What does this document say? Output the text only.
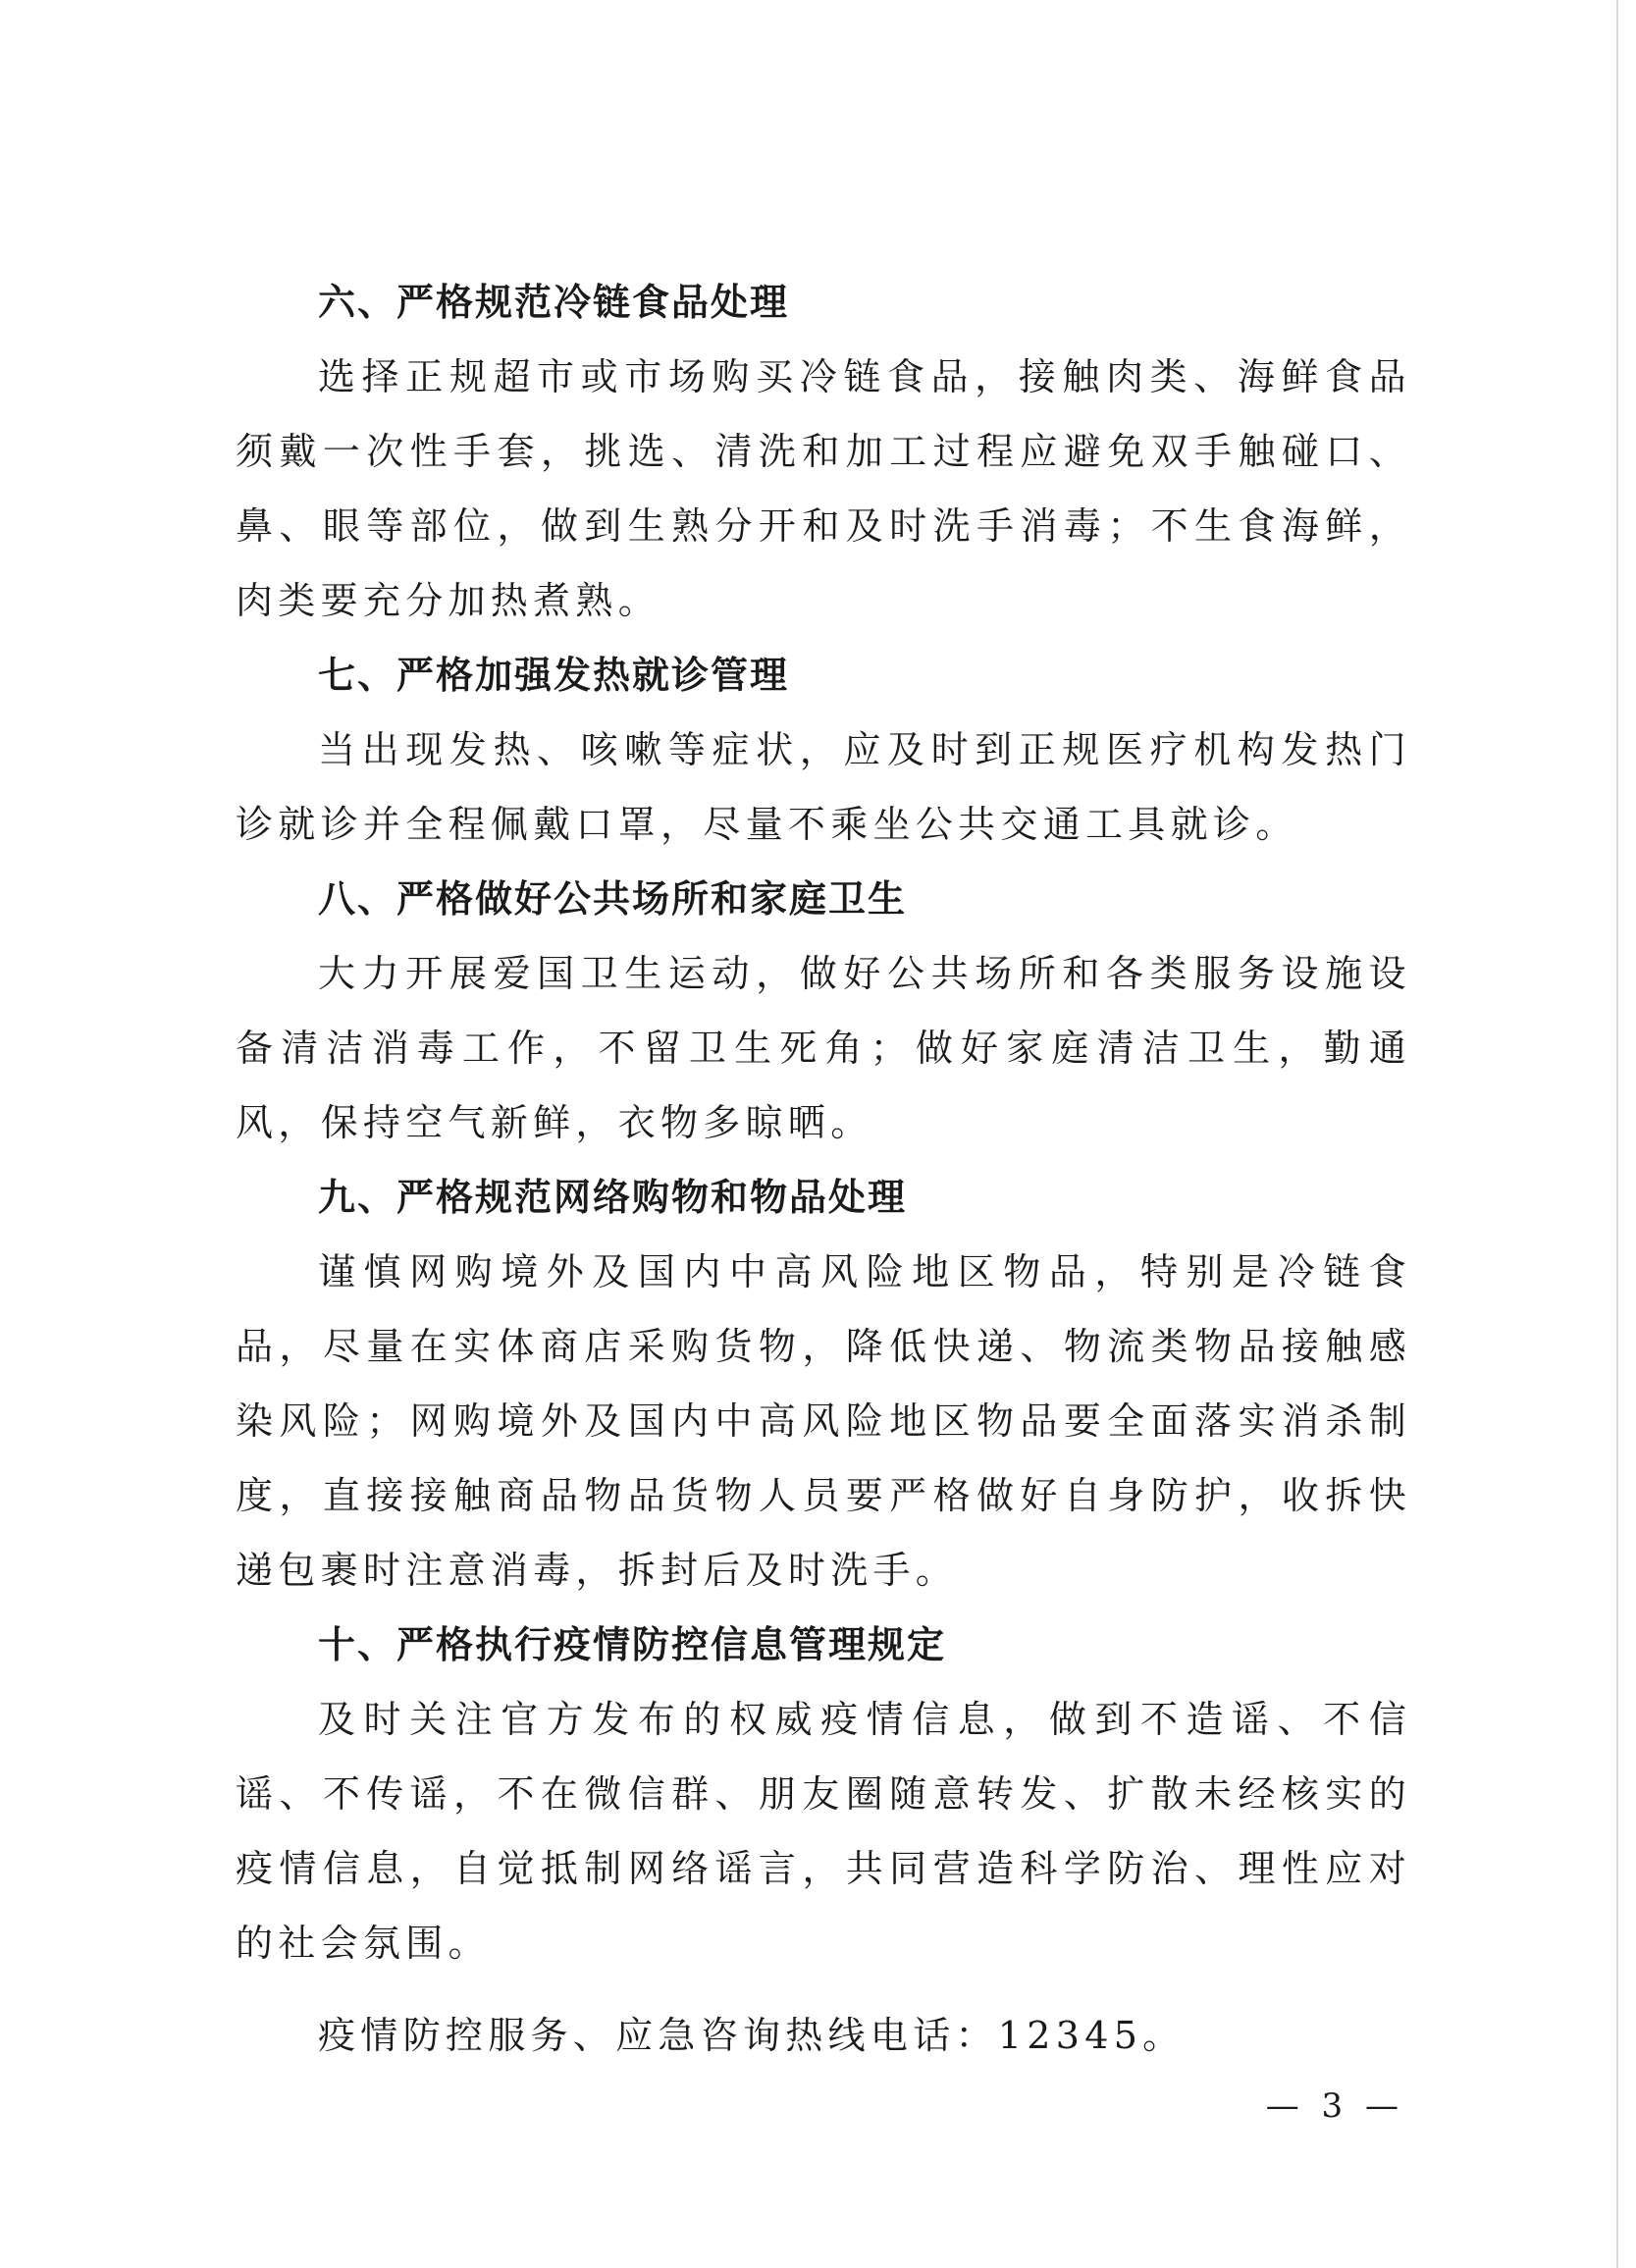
六、严格规范冷链食品处理

选择正规超市或市场购买冷链食品，接触肉类、海鲜食品须戴一次性手套，挑选、清洗和加工过程应避免双手触碰口、鼻、眼等部位，做到生熟分开和及时洗手消毒；不生食海鲜，肉类要充分加热煮熟。

七、严格加强发热就诊管理

当出现发热、咳嗽等症状，应及时到正规医疗机构发热门诊就诊并全程佩戴口罩，尽量不乘坐公共交通工具就诊。

八、严格做好公共场所和家庭卫生

大力开展爱国卫生运动，做好公共场所和各类服务设施设备清洁消毒工作，不留卫生死角；做好家庭清洁卫生，勤通风，保持空气新鲜，衣物多晾晒。

九、严格规范网络购物和物品处理

谨慎网购境外及国内中高风险地区物品，特别是冷链食品，尽量在实体商店采购货物，降低快递、物流类物品接触感染风险；网购境外及国内中高风险地区物品要全面落实消杀制度，直接接触商品物品货物人员要严格做好自身防护，收拆快递包裹时注意消毒，拆封后及时洗手。

十、严格执行疫情防控信息管理规定

及时关注官方发布的权威疫情信息，做到不造谣、不信谣、不传谣，不在微信群、朋友圈随意转发、扩散未经核实的疫情信息，自觉抵制网络谣言，共同营造科学防治、理性应对的社会氛围。

疫情防控服务、应急咨询热线电话：12345。

— 3 —
